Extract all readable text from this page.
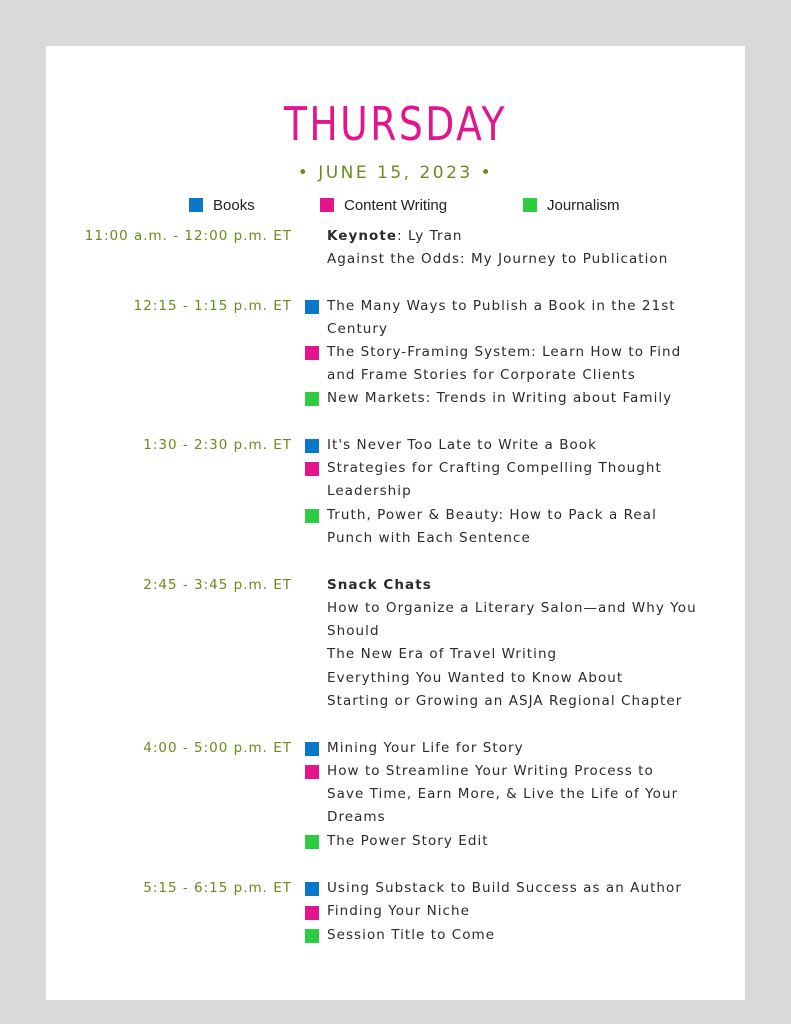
THURSDAY
• JUNE 15, 2023 •
Books	Content Writing	Journalism
11:00 a.m. - 12:00 p.m. ET	Keynote: Ly Tran
Against the Odds: My Journey to Publication
12:15 - 1:15 p.m. ET	The Many Ways to Publish a Book in the 21st
Century
The Story-Framing System: Learn How to Find
and Frame Stories for Corporate Clients
New Markets: Trends in Writing about Family
1:30 - 2:30 p.m. ET	It's Never Too Late to Write a Book
Strategies for Crafting Compelling Thought
Leadership
Truth, Power & Beauty: How to Pack a Real
Punch with Each Sentence
2:45 - 3:45 p.m. ET	Snack Chats
How to Organize a Literary Salon—and Why You
Should
The New Era of Travel Writing
Everything You Wanted to Know About
Starting or Growing an ASJA Regional Chapter
4:00 - 5:00 p.m. ET	Mining Your Life for Story
How to Streamline Your Writing Process to
Save Time, Earn More, & Live the Life of Your
Dreams
The Power Story Edit
5:15 - 6:15 p.m. ET	Using Substack to Build Success as an Author
Finding Your Niche
Session Title to Come
